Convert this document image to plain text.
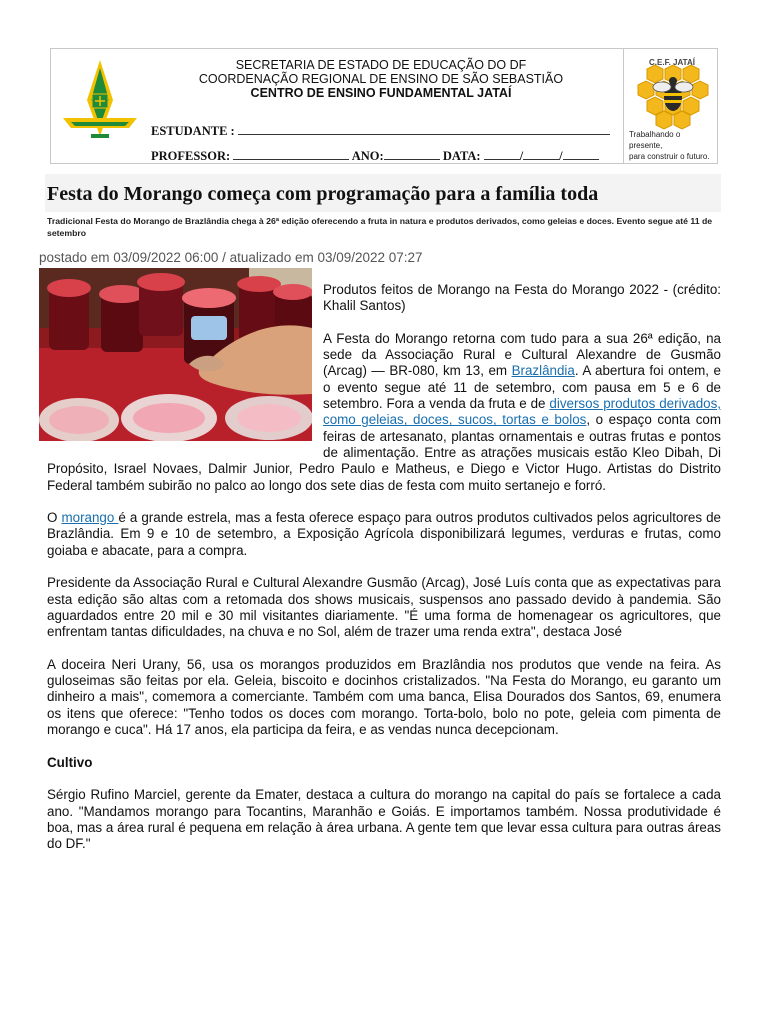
SECRETARIA DE ESTADO DE EDUCAÇÃO DO DF
COORDENAÇÃO REGIONAL DE ENSINO DE SÃO SEBASTIÃO
CENTRO DE ENSINO FUNDAMENTAL JATAÍ
ESTUDANTE :
PROFESSOR:	ANO:	DATA:	/	/
C.E.F. JATAÍ
Trabalhando o presente,
para construir o futuro.
Festa do Morango começa com programação para a família toda
Tradicional Festa do Morango de Brazlândia chega à 26ª edição oferecendo a fruta in natura e produtos derivados, como geleias e doces. Evento segue até 11 de setembro
postado em 03/09/2022 06:00 / atualizado em 03/09/2022 07:27

Produtos feitos de Morango na Festa do Morango 2022 - (crédito: Khalil Santos)

A Festa do Morango retorna com tudo para a sua 26ª edição, na sede da Associação Rural e Cultural Alexandre de Gusmão (Arcag) — BR-080, km 13, em Brazlândia. A abertura foi ontem, e o evento segue até 11 de setembro, com pausa em 5 e 6 de setembro. Fora a venda da fruta e de diversos produtos derivados, como geleias, doces, sucos, tortas e bolos, o espaço conta com feiras de artesanato, plantas ornamentais e outras frutas e pontos de alimentação. Entre as atrações musicais estão Kleo Dibah, Di Propósito, Israel Novaes, Dalmir Junior, Pedro Paulo e Matheus, e Diego e Victor Hugo. Artistas do Distrito Federal também subirão no palco ao longo dos sete dias de festa com muito sertanejo e forró.

O morango é a grande estrela, mas a festa oferece espaço para outros produtos cultivados pelos agricultores de Brazlândia. Em 9 e 10 de setembro, a Exposição Agrícola disponibilizará legumes, verduras e frutas, como goiaba e abacate, para a compra.

Presidente da Associação Rural e Cultural Alexandre Gusmão (Arcag), José Luís conta que as expectativas para esta edição são altas com a retomada dos shows musicais, suspensos ano passado devido à pandemia. São aguardados entre 20 mil e 30 mil visitantes diariamente. "É uma forma de homenagear os agricultores, que enfrentam tantas dificuldades, na chuva e no Sol, além de trazer uma renda extra", destaca José

A doceira Neri Urany, 56, usa os morangos produzidos em Brazlândia nos produtos que vende na feira. As guloseimas são feitas por ela. Geleia, biscoito e docinhos cristalizados. "Na Festa do Morango, eu garanto um dinheiro a mais", comemora a comerciante. Também com uma banca, Elisa Dourados dos Santos, 69, enumera os itens que oferece: "Tenho todos os doces com morango. Torta-bolo, bolo no pote, geleia com pimenta de morango e cuca". Há 17 anos, ela participa da feira, e as vendas nunca decepcionam.

Cultivo

Sérgio Rufino Marciel, gerente da Emater, destaca a cultura do morango na capital do país se fortalece a cada ano. "Mandamos morango para Tocantins, Maranhão e Goiás. E importamos também. Nossa produtividade é boa, mas a área rural é pequena em relação à área urbana. A gente tem que levar essa cultura para outras áreas do DF."
